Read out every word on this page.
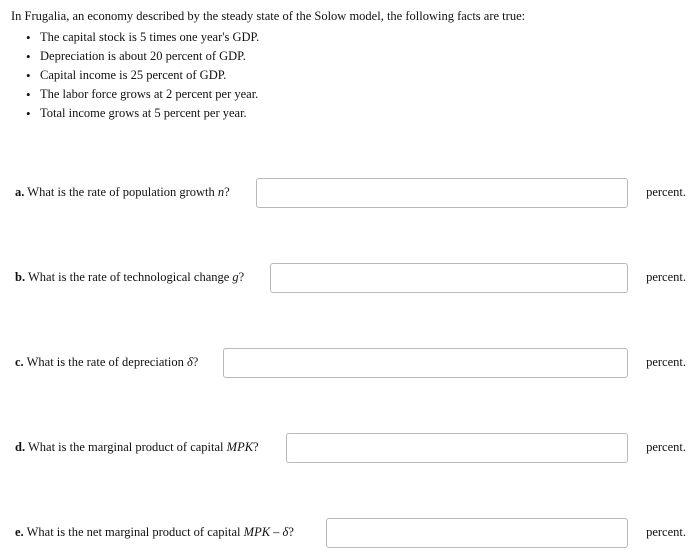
In Frugalia, an economy described by the steady state of the Solow model, the following facts are true:
• The capital stock is 5 times one year's GDP.
• Depreciation is about 20 percent of GDP.
• Capital income is 25 percent of GDP.
• The labor force grows at 2 percent per year.
• Total income grows at 5 percent per year.
a. What is the rate of population growth n?	percent.
b. What is the rate of technological change g?	percent.
c. What is the rate of depreciation δ?	percent.
d. What is the marginal product of capital MPK?	percent.
e. What is the net marginal product of capital MPK – δ?	percent.
